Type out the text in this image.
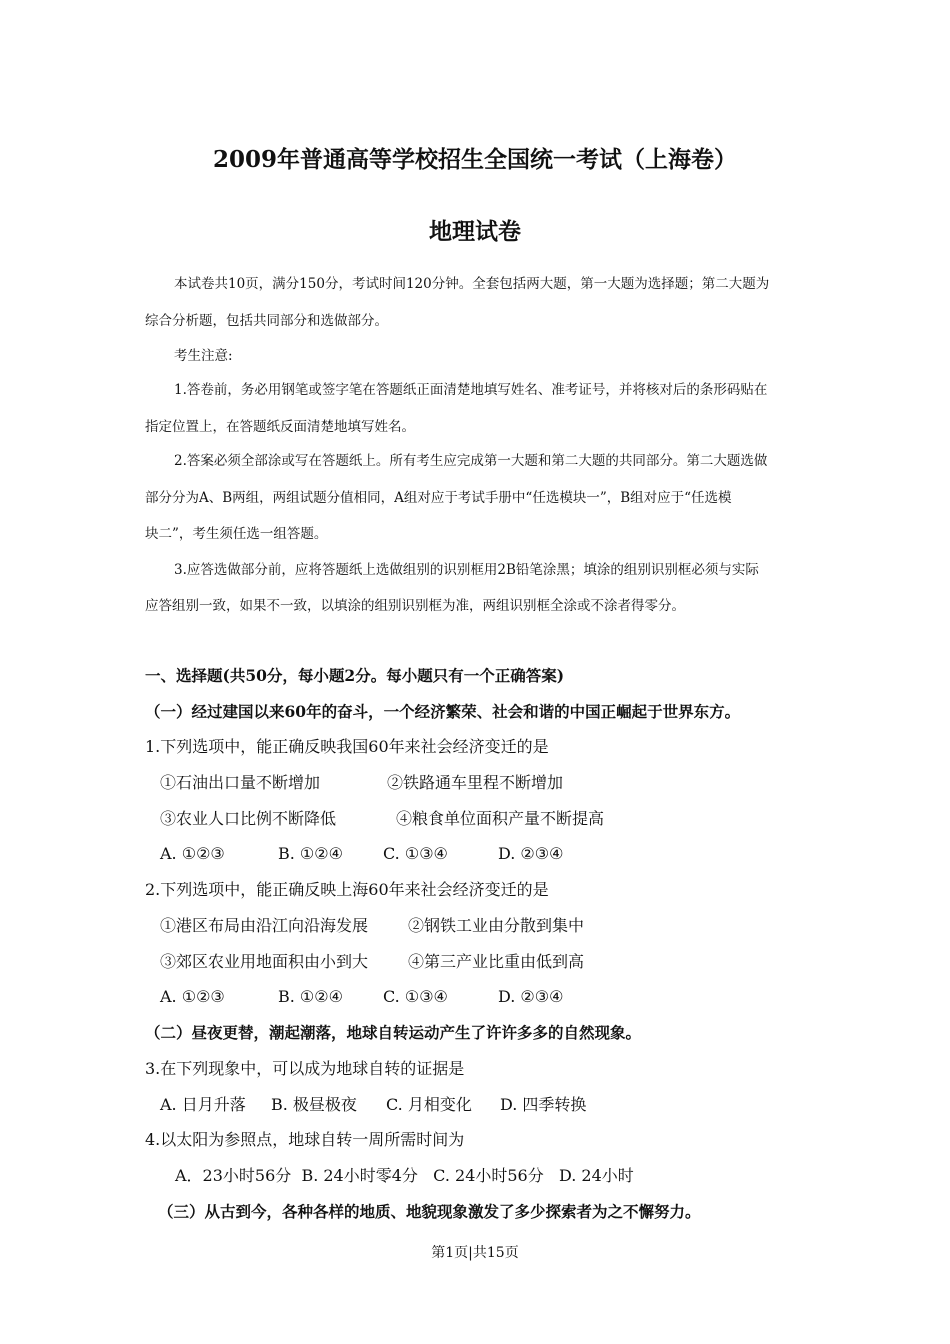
2009年普通高等学校招生全国统一考试（上海卷）
地理试卷
本试卷共10页，满分150分，考试时间120分钟。全套包括两大题，第一大题为选择题；第二大题为
综合分析题，包括共同部分和选做部分。
考生注意:
1.答卷前，务必用钢笔或签字笔在答题纸正面清楚地填写姓名、准考证号，并将核对后的条形码贴在
指定位置上，在答题纸反面清楚地填写姓名。
2.答案必须全部涂或写在答题纸上。所有考生应完成第一大题和第二大题的共同部分。第二大题选做
部分分为A、B两组，两组试题分值相同，A组对应于考试手册中“任选模块一”，B组对应于“任选模
块二”，考生须任选一组答题。
3.应答选做部分前，应将答题纸上选做组别的识别框用2B铅笔涂黑；填涂的组别识别框必须与实际
应答组别一致，如果不一致，以填涂的组别识别框为准，两组识别框全涂或不涂者得零分。
一、选择题(共50分，每小题2分。每小题只有一个正确答案)
（一）经过建国以来60年的奋斗，一个经济繁荣、社会和谐的中国正崛起于世界东方。
1.下列选项中，能正确反映我国60年来社会经济变迁的是
①石油出口量不断增加	②铁路通车里程不断增加
③农业人口比例不断降低	④粮食单位面积产量不断提高
A. ①②③	B. ①②④	C. ①③④	D. ②③④
2.下列选项中，能正确反映上海60年来社会经济变迁的是
①港区布局由沿江向沿海发展 ②钢铁工业由分散到集中
③郊区农业用地面积由小到大 ④第三产业比重由低到高
A. ①②③	B. ①②④	C. ①③④	D. ②③④
（二）昼夜更替，潮起潮落，地球自转运动产生了许许多多的自然现象。
3.在下列现象中，可以成为地球自转的证据是
A. 日月升落 B. 极昼极夜 C. 月相变化 D. 四季转换
4.以太阳为参照点，地球自转一周所需时间为
A．23小时56分  B. 24小时零4分   C. 24小时56分   D. 24小时
（三）从古到今，各种各样的地质、地貌现象激发了多少探索者为之不懈努力。
第1页|共15页
